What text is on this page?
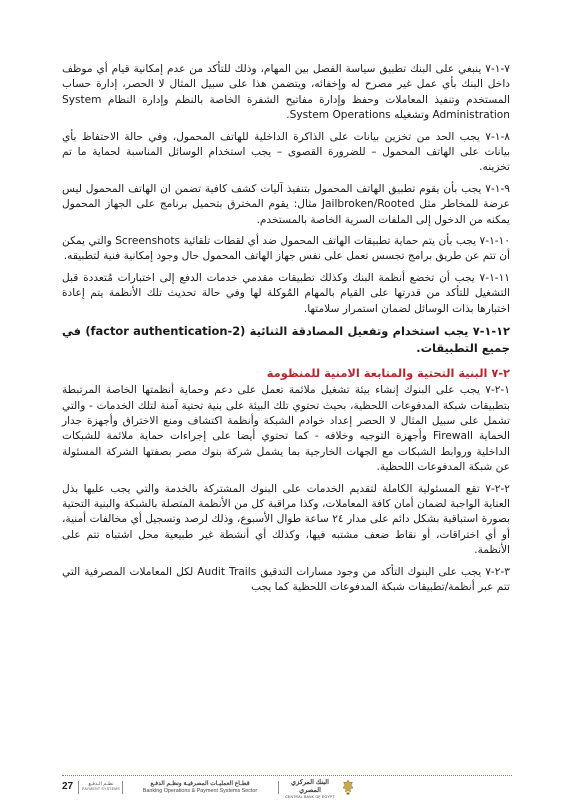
٧-١-٧ ينبغي على البنك تطبيق سياسة الفصل بين المهام، وذلك للتأكد من عدم إمكانية قيام أي موظف داخل البنك بأي عمل غير مصرح له وإخفائه، ويتضمن هذا على سبيل المثال لا الحصر، إدارة حساب المستخدم وتنفيذ المعاملات وحفظ وإدارة مفاتيح الشفرة الخاصة بالنظم وإدارة النظام System Administration وتشغيله System Operations.

٨-١-٧ يجب الحد من تخزين بيانات على الذاكرة الداخلية للهاتف المحمول، وفي حالة الاحتفاظ بأي بيانات على الهاتف المحمول – للضرورة القصوى – يجب استخدام الوسائل المناسبة لحماية ما تم تخزينه.

٩-١-٧ يجب بأن يقوم تطبيق الهاتف المحمول بتنفيذ آليات كشف كافية تضمن ان الهاتف المحمول ليس عرضة للمخاطر مثل Jailbroken/Rooted مثال: يقوم المخترق بتحميل برنامج على الجهاز المحمول يمكنه من الدخول إلى الملفات السرية الخاصة بالمستخدم.

١٠-١-٧ يجب بأن يتم حماية تطبيقات الهاتف المحمول ضد أي لقطات تلقائية Screenshots والتي يمكن أن تتم عن طريق برامج تجسس تعمل على نفس جهاز الهاتف المحمول حال وجود إمكانية فنية لتطبيقه.

١١-١-٧ يجب أن تخضع أنظمة البنك وكذلك تطبيقات مقدمي خدمات الدفع إلى اختبارات مُتعددة قبل التشغيل للتأكد من قدرتها على القيام بالمهام المُوكلة لها وفي حالة تحديث تلك الأنظمة يتم إعادة اختبارها بذات الوسائل لضمان استمرار سلامتها.

١٢-١-٧ يجب استخدام وتفعيل المصادقة الثنائية (2-factor authentication) في جميع التطبيقات.

٢-٧ البنية التحتية والمتابعة الامنية للمنظومة

١-٢-٧ يجب على البنوك إنشاء بيئة تشغيل ملائمة تعمل على دعم وحماية أنظمتها الخاصة المرتبطة بتطبيقات شبكة المدفوعات اللحظية، بحيث تحتوي تلك البيئة على بنية تحتية آمنة لتلك الخدمات - والتي تشمل على سبيل المثال لا الحصر إعداد خوادم الشبكة وأنظمة اكتشاف ومنع الاختراق وأجهزة جدار الحماية Firewall وأجهزة التوجيه وخلافه - كما تحتوي أيضا على إجراءات حماية ملائمة للشبكات الداخلية وروابط الشبكات مع الجهات الخارجية بما يشمل شركة بنوك مصر بصفتها الشركة المسئولة عن شبكة المدفوعات اللحظية.

٢-٢-٧ تقع المسئولية الكاملة لتقديم الخدمات على البنوك المشتركة بالخدمة والتي يجب عليها بذل العناية الواجبة لضمان أمان كافة المعاملات، وكذا مراقبة كل من الأنظمة المتصلة بالشبكة والبنية التحتية بصورة استباقية بشكل دائم على مدار ٢٤ ساعة طوال الأسبوع، وذلك لرصد وتسجيل أي مخالفات أمنية، أو أي اختراقات، أو نقاط ضعف مشتبه فيها، وكذلك أي أنشطة غير طبيعية محل اشتباه تتم على الأنظمة.

٣-٢-٧ يجب على البنوك التأكد من وجود مسارات التدقيق Audit Trails لكل المعاملات المصرفية التي تتم عبر أنظمة/تطبيقات شبكة المدفوعات اللحظية كما يجب

27	نظـم الـدفـع
PAYMENT SYSTEMS
قطـاع العمليـات المصرفيـة ونظـم الدفـع
Banking Operations & Payment Systems Sector
البنك المركزي المصري
CENTRAL BANK OF EGYPT
